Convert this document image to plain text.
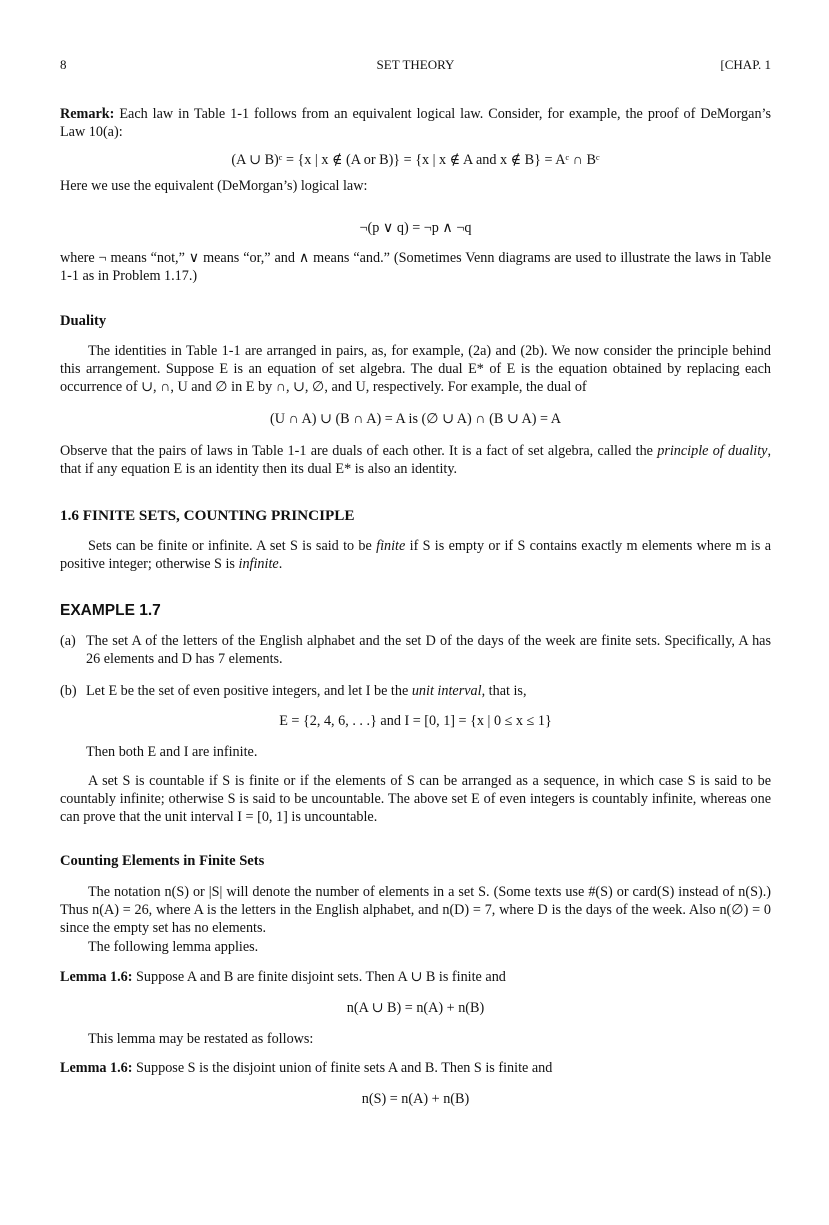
8	SET THEORY	[CHAP. 1
Remark: Each law in Table 1-1 follows from an equivalent logical law. Consider, for example, the proof of DeMorgan’s Law 10(a):
(A ∪ B)ᶜ = {x | x ∉ (A or B)} = {x | x ∉ A and x ∉ B} = Aᶜ ∩ Bᶜ
Here we use the equivalent (DeMorgan’s) logical law:
¬(p ∨ q) = ¬p ∧ ¬q
where ¬ means “not,” ∨ means “or,” and ∧ means “and.” (Sometimes Venn diagrams are used to illustrate the laws in Table 1-1 as in Problem 1.17.)
Duality
The identities in Table 1-1 are arranged in pairs, as, for example, (2a) and (2b). We now consider the principle behind this arrangement. Suppose E is an equation of set algebra. The dual E* of E is the equation obtained by replacing each occurrence of ∪, ∩, U and ∅ in E by ∩, ∪, ∅, and U, respectively. For example, the dual of
(U ∩ A) ∪ (B ∩ A) = A is (∅ ∪ A) ∩ (B ∪ A) = A
Observe that the pairs of laws in Table 1-1 are duals of each other. It is a fact of set algebra, called the principle of duality, that if any equation E is an identity then its dual E* is also an identity.
1.6 FINITE SETS, COUNTING PRINCIPLE
Sets can be finite or infinite. A set S is said to be finite if S is empty or if S contains exactly m elements where m is a positive integer; otherwise S is infinite.
EXAMPLE 1.7
(a) The set A of the letters of the English alphabet and the set D of the days of the week are finite sets. Specifically, A has 26 elements and D has 7 elements.
(b) Let E be the set of even positive integers, and let I be the unit interval, that is,
E = {2, 4, 6, . . .} and I = [0, 1] = {x | 0 ≤ x ≤ 1}
Then both E and I are infinite.
A set S is countable if S is finite or if the elements of S can be arranged as a sequence, in which case S is said to be countably infinite; otherwise S is said to be uncountable. The above set E of even integers is countably infinite, whereas one can prove that the unit interval I = [0, 1] is uncountable.
Counting Elements in Finite Sets
The notation n(S) or |S| will denote the number of elements in a set S. (Some texts use #(S) or card(S) instead of n(S).) Thus n(A) = 26, where A is the letters in the English alphabet, and n(D) = 7, where D is the days of the week. Also n(∅) = 0 since the empty set has no elements.
The following lemma applies.
Lemma 1.6: Suppose A and B are finite disjoint sets. Then A ∪ B is finite and
n(A ∪ B) = n(A) + n(B)
This lemma may be restated as follows:
Lemma 1.6: Suppose S is the disjoint union of finite sets A and B. Then S is finite and
n(S) = n(A) + n(B)
